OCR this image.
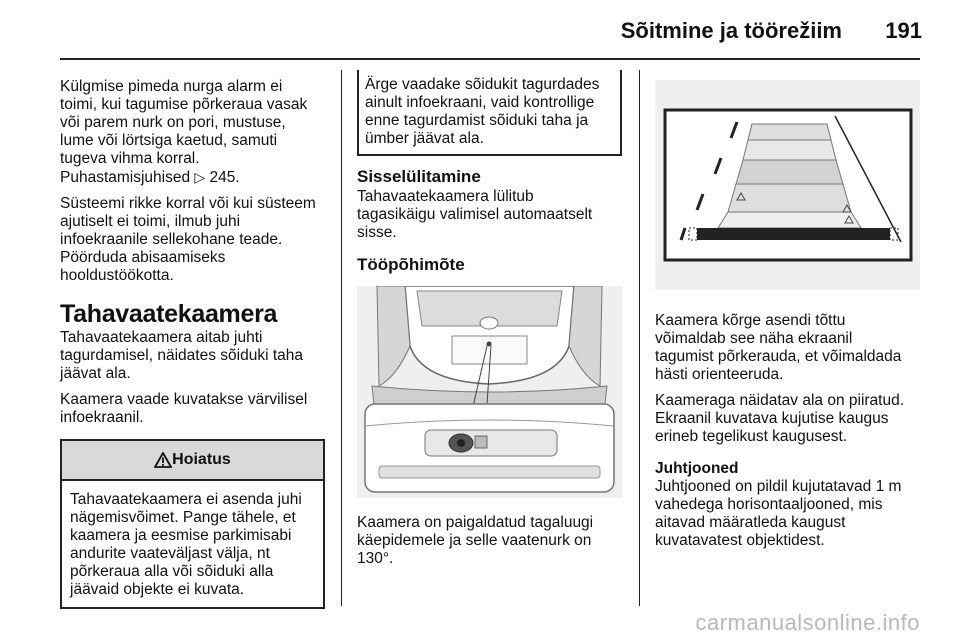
Sõitmine ja töörežiim 191

Külgmise pimeda nurga alarm ei
toimi, kui tagumise põrkeraua vasak
või parem nurk on pori, mustuse,
lume või lörtsiga kaetud, samuti
tugeva vihma korral.
Puhastamisjuhised ▷ 245.

Süsteemi rikke korral või kui süsteem
ajutiselt ei toimi, ilmub juhi
infoekraanile sellekohane teade.
Pöörduda abisaamiseks
hooldustöökotta.

Tahavaatekaamera

Tahavaatekaamera aitab juhti
tagurdamisel, näidates sõiduki taha
jäävat ala.

Kaamera vaade kuvatakse värvilisel
infoekraanil.

Hoiatus
Tahavaatekaamera ei asenda juhi
nägemisvõimet. Pange tähele, et
kaamera ja eesmise parkimisabi
andurite vaateväljast välja, nt
põrkeraua alla või sõiduki alla
jäävaid objekte ei kuvata.
Ärge vaadake sõidukit tagurdades
ainult infoekraani, vaid kontrollige
enne tagurdamist sõiduki taha ja
ümber jäävat ala.
Sisselülitamine

Tahavaatekaamera lülitub
tagasikäigu valimisel automaatselt
sisse.

Tööpõhimõte

Kaamera on paigaldatud tagaluugi
käepidemele ja selle vaatenurk on
130°.

Kaamera kõrge asendi tõttu
võimaldab see näha ekraanil
tagumist põrkerauda, et võimaldada
hästi orienteeruda.

Kaameraga näidatav ala on piiratud.
Ekraanil kuvatava kujutise kaugus
erineb tegelikust kaugusest.

Juhtjooned

Juhtjooned on pildil kujutatavad 1 m
vahedega horisontaaljooned, mis
aitavad määratleda kaugust
kuvatavatest objektidest.

carmanualsonline.info
